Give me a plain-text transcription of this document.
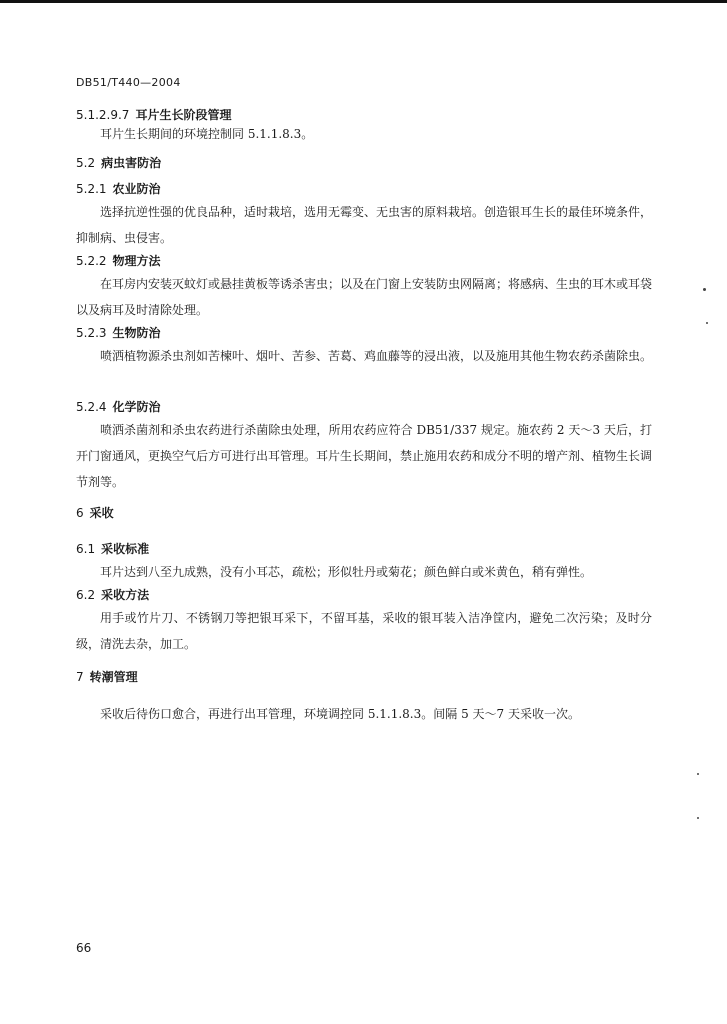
DB51/T440—2004
5.1.2.9.7 耳片生长阶段管理
耳片生长期间的环境控制同 5.1.1.8.3。
5.2 病虫害防治
5.2.1 农业防治
选择抗逆性强的优良品种，适时栽培，选用无霉变、无虫害的原料栽培。创造银耳生长的最佳环境条件，抑制病、虫侵害。
5.2.2 物理方法
在耳房内安装灭蚊灯或悬挂黄板等诱杀害虫；以及在门窗上安装防虫网隔离；将感病、生虫的耳木或耳袋以及病耳及时清除处理。
5.2.3 生物防治
喷洒植物源杀虫剂如苦楝叶、烟叶、苦参、苦葛、鸡血藤等的浸出液，以及施用其他生物农药杀菌除虫。
5.2.4 化学防治
喷洒杀菌剂和杀虫农药进行杀菌除虫处理，所用农药应符合 DB51/337 规定。施农药 2 天～3 天后，打开门窗通风，更换空气后方可进行出耳管理。耳片生长期间，禁止施用农药和成分不明的增产剂、植物生长调节剂等。
6 采收
6.1 采收标准
耳片达到八至九成熟，没有小耳芯，疏松；形似牡丹或菊花；颜色鲜白或米黄色，稍有弹性。
6.2 采收方法
用手或竹片刀、不锈钢刀等把银耳采下，不留耳基，采收的银耳装入洁净筐内，避免二次污染；及时分级，清洗去杂，加工。
7 转潮管理
采收后待伤口愈合，再进行出耳管理，环境调控同 5.1.1.8.3。间隔 5 天～7 天采收一次。
66
